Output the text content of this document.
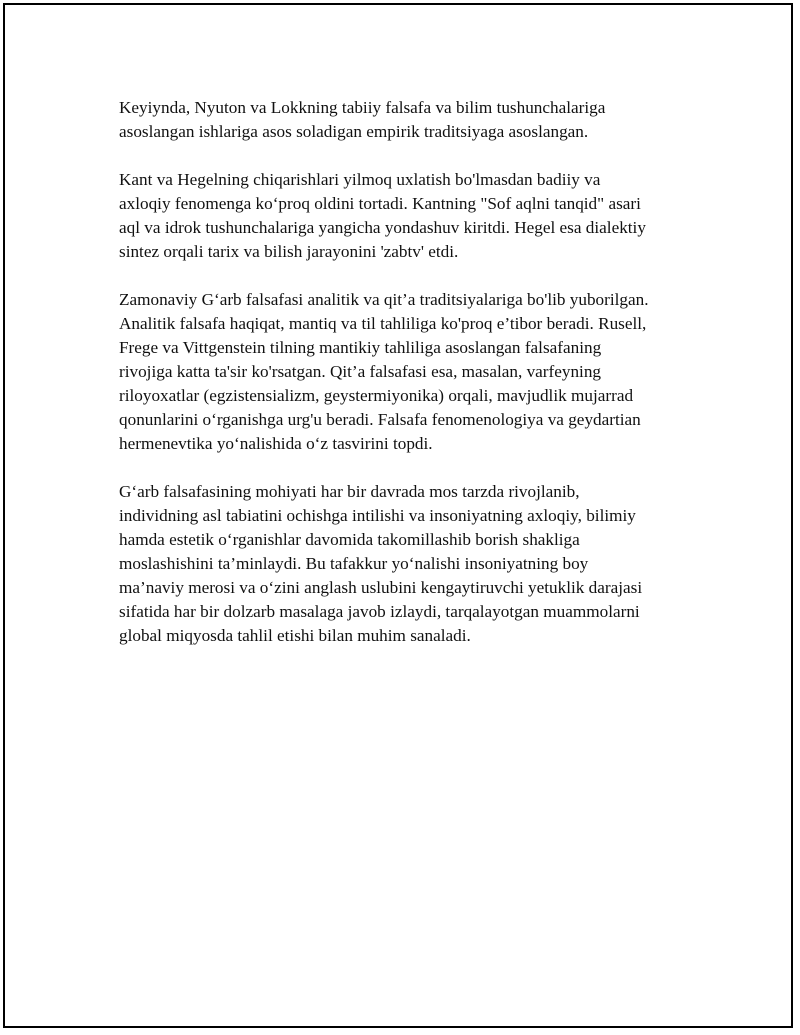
Keyiynda, Nyuton va Lokkning tabiiy falsafa va bilim tushunchalariga
asoslangan ishlariga asos soladigan empirik traditsiyaga asoslangan.
Kant va Hegelning chiqarishlari yilmoq uxlatish bo'lmasdan badiiy va
axloqiy fenomenga ko‘proq oldini tortadi. Kantning "Sof aqlni tanqid" asari
aql va idrok tushunchalariga yangicha yondashuv kiritdi. Hegel esa dialektiy
sintez orqali tarix va bilish jarayonini 'zabtv' etdi.
Zamonaviy G‘arb falsafasi analitik va qit’a traditsiyalariga bo'lib yuborilgan.
Analitik falsafa haqiqat, mantiq va til tahliliga ko'proq e’tibor beradi. Rusell,
Frege va Vittgenstein tilning mantikiy tahliliga asoslangan falsafaning
rivojiga katta ta'sir ko'rsatgan. Qit’a falsafasi esa, masalan, varfeyning
riloyoxatlar (egzistensializm, geystermiyonika) orqali, mavjudlik mujarrad
qonunlarini o‘rganishga urg'u beradi. Falsafa fenomenologiya va geydartian
hermenevtika yo‘nalishida o‘z tasvirini topdi.
G‘arb falsafasining mohiyati har bir davrada mos tarzda rivojlanib,
individning asl tabiatini ochishga intilishi va insoniyatning axloqiy, bilimiy
hamda estetik o‘rganishlar davomida takomillashib borish shakliga
moslashishini ta’minlaydi. Bu tafakkur yo‘nalishi insoniyatning boy
ma’naviy merosi va o‘zini anglash uslubini kengaytiruvchi yetuklik darajasi
sifatida har bir dolzarb masalaga javob izlaydi, tarqalayotgan muammolarni
global miqyosda tahlil etishi bilan muhim sanaladi.
